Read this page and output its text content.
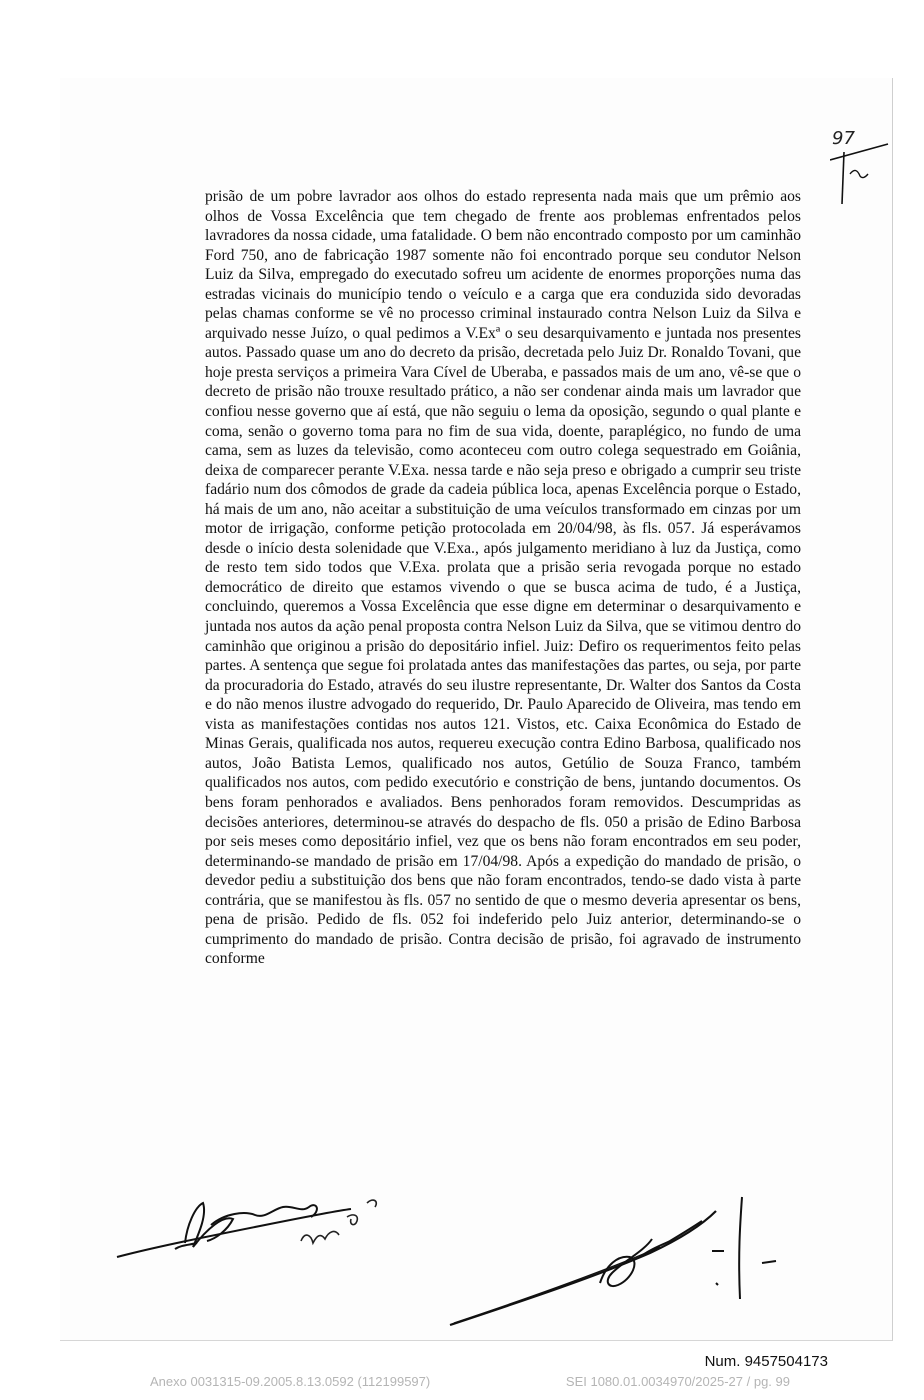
97

prisão de um pobre lavrador aos olhos do estado representa nada mais que um prêmio aos olhos de Vossa Excelência que tem chegado de frente aos problemas enfrentados pelos lavradores da nossa cidade, uma fatalidade. O bem não encontrado composto por um caminhão Ford 750, ano de fabricação 1987 somente não foi encontrado porque seu condutor Nelson Luiz da Silva, empregado do executado sofreu um acidente de enormes proporções numa das estradas vicinais do município tendo o veículo e a carga que era conduzida sido devoradas pelas chamas conforme se vê no processo criminal instaurado contra Nelson Luiz da Silva e arquivado nesse Juízo, o qual pedimos a V.Exª o seu desarquivamento e juntada nos presentes autos. Passado quase um ano do decreto da prisão, decretada pelo Juiz Dr. Ronaldo Tovani, que hoje presta serviços a primeira Vara Cível de Uberaba, e passados mais de um ano, vê-se que o decreto de prisão não trouxe resultado prático, a não ser condenar ainda mais um lavrador que confiou nesse governo que aí está, que não seguiu o lema da oposição, segundo o qual plante e coma, senão o governo toma para no fim de sua vida, doente, paraplégico, no fundo de uma cama, sem as luzes da televisão, como aconteceu com outro colega sequestrado em Goiânia, deixa de comparecer perante V.Exa. nessa tarde e não seja preso e obrigado a cumprir seu triste fadário num dos cômodos de grade da cadeia pública loca, apenas Excelência porque o Estado, há mais de um ano, não aceitar a substituição de uma veículos transformado em cinzas por um motor de irrigação, conforme petição protocolada em 20/04/98, às fls. 057. Já esperávamos desde o início desta solenidade que V.Exa., após julgamento meridiano à luz da Justiça, como de resto tem sido todos que V.Exa. prolata que a prisão seria revogada porque no estado democrático de direito que estamos vivendo o que se busca acima de tudo, é a Justiça, concluindo, queremos a Vossa Excelência que esse digne em determinar o desarquivamento e juntada nos autos da ação penal proposta contra Nelson Luiz da Silva, que se vitimou dentro do caminhão que originou a prisão do depositário infiel. Juiz: Defiro os requerimentos feito pelas partes. A sentença que segue foi prolatada antes das manifestações das partes, ou seja, por parte da procuradoria do Estado, através do seu ilustre representante, Dr. Walter dos Santos da Costa e do não menos ilustre advogado do requerido, Dr. Paulo Aparecido de Oliveira, mas tendo em vista as manifestações contidas nos autos 121. Vistos, etc. Caixa Econômica do Estado de Minas Gerais, qualificada nos autos, requereu execução contra Edino Barbosa, qualificado nos autos, João Batista Lemos, qualificado nos autos, Getúlio de Souza Franco, também qualificados nos autos, com pedido executório e constrição de bens, juntando documentos. Os bens foram penhorados e avaliados. Bens penhorados foram removidos. Descumpridas as decisões anteriores, determinou-se através do despacho de fls. 050 a prisão de Edino Barbosa por seis meses como depositário infiel, vez que os bens não foram encontrados em seu poder, determinando-se mandado de prisão em 17/04/98. Após a expedição do mandado de prisão, o devedor pediu a substituição dos bens que não foram encontrados, tendo-se dado vista à parte contrária, que se manifestou às fls. 057 no sentido de que o mesmo deveria apresentar os bens, pena de prisão. Pedido de fls. 052 foi indeferido pelo Juiz anterior, determinando-se o cumprimento do mandado de prisão. Contra decisão de prisão, foi agravado de instrumento conforme

Num. 9457504173
Anexo 0031315-09.2005.8.13.0592 (112199597)	SEI 1080.01.0034970/2025-27 / pg. 99
